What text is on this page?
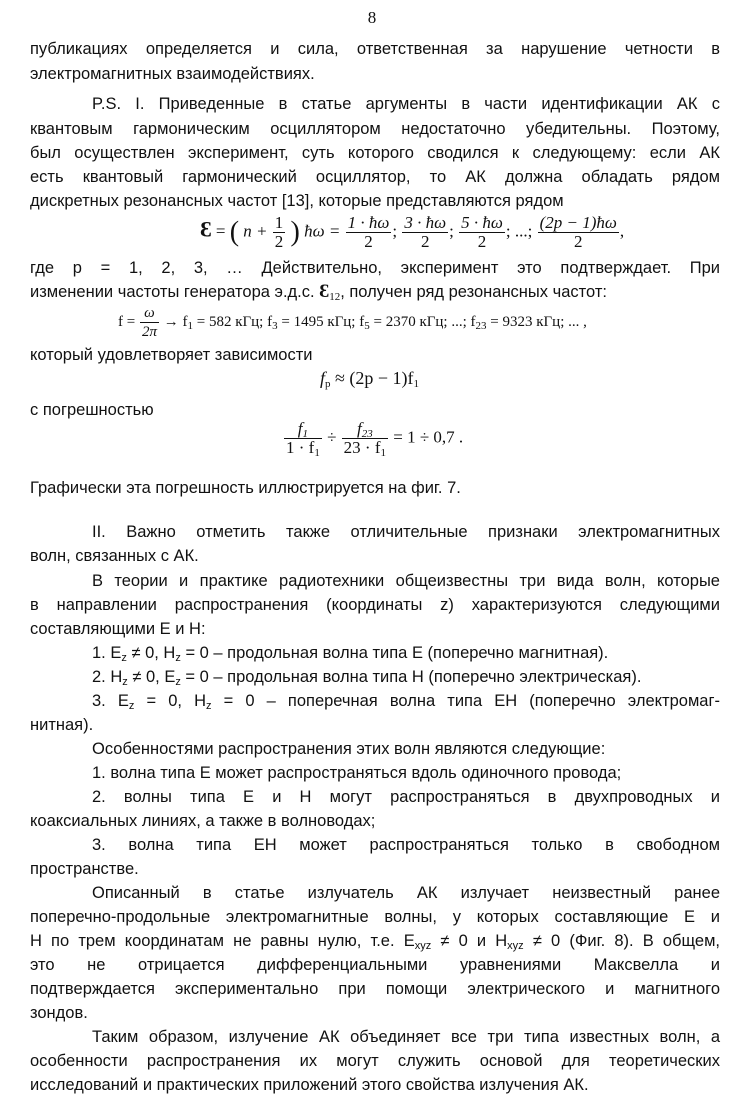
8
публикациях определяется и сила, ответственная за нарушение четности в
электромагнитных взаимодействиях.
P.S. I. Приведенные в статье аргументы в части идентификации АК с
квантовым гармоническим осциллятором недостаточно убедительны. Поэтому,
был осуществлен эксперимент, суть которого сводился к следующему: если АК
есть квантовый гармонический осциллятор, то АК должна обладать рядом
дискретных резонансных частот [13], которые представляются рядом
Ɛ = ( $n + \frac{1}{2}$ ) ħω = $\frac{1 \cdot ħ\omega}{2}$ ; $\frac{3 \cdot ħ\omega}{2}$ ; $\frac{5 \cdot ħ\omega}{2}$ ; ...; $\frac{(2p - 1)ħ\omega}{2}$ ,
где p = 1, 2, 3, … Действительно, эксперимент это подтверждает. При
изменении частоты генератора э.д.с. $Ɛ_{12}$, получен ряд резонансных частот:
$f = \frac{\omega}{2\pi} \to f_1 = 582$ кГц; $f_3 = 1495$ кГц; $f_5 = 2370$ кГц; ...; $f_{23} = 9323$ кГц; ... ,
который удовлетворяет зависимости
$f_p \approx (2p - 1)f_1$
с погрешностью
$\frac{f_1}{1 \cdot f_1} \div \frac{f_{23}}{23 \cdot f_1} = 1 \div 0,7$ .
Графически эта погрешность иллюстрируется на фиг. 7.
II. Важно отметить также отличительные признаки электромагнитных
волн, связанных с АК.
В теории и практике радиотехники общеизвестны три вида волн, которые
в направлении распространения (координаты z) характеризуются следующими
составляющими E и H:
1. $E_z \ne 0$, $H_z = 0$ – продольная волна типа E (поперечно магнитная).
2. $H_z \ne 0$, $E_z = 0$ – продольная волна типа H (поперечно электрическая).
3. $E_z = 0$, $H_z = 0$ – поперечная волна типа EH (поперечно электромаг-
нитная).
Особенностями распространения этих волн являются следующие:
1. волна типа E может распространяться вдоль одиночного провода;
2. волны типа E и H могут распространяться в двухпроводных и
коаксиальных линиях, а также в волноводах;
3. волна типа EH может распространяться только в свободном
пространстве.
Описанный в статье излучатель АК излучает неизвестный ранее
поперечно-продольные электромагнитные волны, у которых составляющие E и
H по трем координатам не равны нулю, т.е. $E_{xyz} \ne 0$ и $H_{xyz} \ne 0$ (Фиг. 8). В общем,
это не отрицается дифференциальными уравнениями Максвелла и
подтверждается экспериментально при помощи электрического и магнитного
зондов.
Таким образом, излучение АК объединяет все три типа известных волн, а
особенности распространения их могут служить основой для теоретических
исследований и практических приложений этого свойства излучения АК.
